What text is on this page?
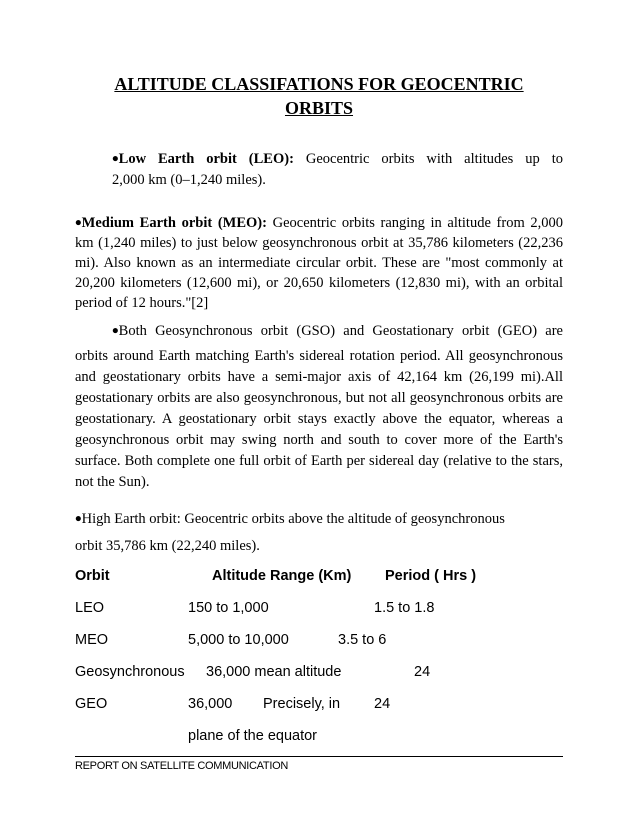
ALTITUDE CLASSIFATIONS FOR GEOCENTRIC
ORBITS
•Low Earth orbit (LEO): Geocentric orbits with altitudes up to
2,000 km (0–1,240 miles).
•Medium Earth orbit (MEO): Geocentric orbits ranging in altitude from 2,000 km (1,240 miles) to just below geosynchronous orbit at 35,786 kilometers (22,236 mi). Also known as an intermediate circular orbit. These are "most commonly at 20,200 kilometers (12,600 mi), or 20,650 kilometers (12,830 mi), with an orbital period of 12 hours."[2]
•Both Geosynchronous orbit (GSO) and Geostationary orbit (GEO) are
orbits around Earth matching Earth's sidereal rotation period. All geosynchronous and geostationary orbits have a semi-major axis of 42,164 km (26,199 mi).All geostationary orbits are also geosynchronous, but not all geosynchronous orbits are geostationary. A geostationary orbit stays exactly above the equator, whereas a geosynchronous orbit may swing north and south to cover more of the Earth's surface. Both complete one full orbit of Earth per sidereal day (relative to the stars, not the Sun).
•High Earth orbit: Geocentric orbits above the altitude of geosynchronous
orbit 35,786 km (22,240 miles).
Orbit	Altitude Range (Km) Period ( Hrs )
LEO	150 to 1,000	1.5 to 1.8
MEO	5,000 to 10,000	3.5 to 6
Geosynchronous 36,000 mean altitude	24
GEO	36,000 Precisely, in 24
plane of the equator
REPORT ON SATELLITE COMMUNICATION
